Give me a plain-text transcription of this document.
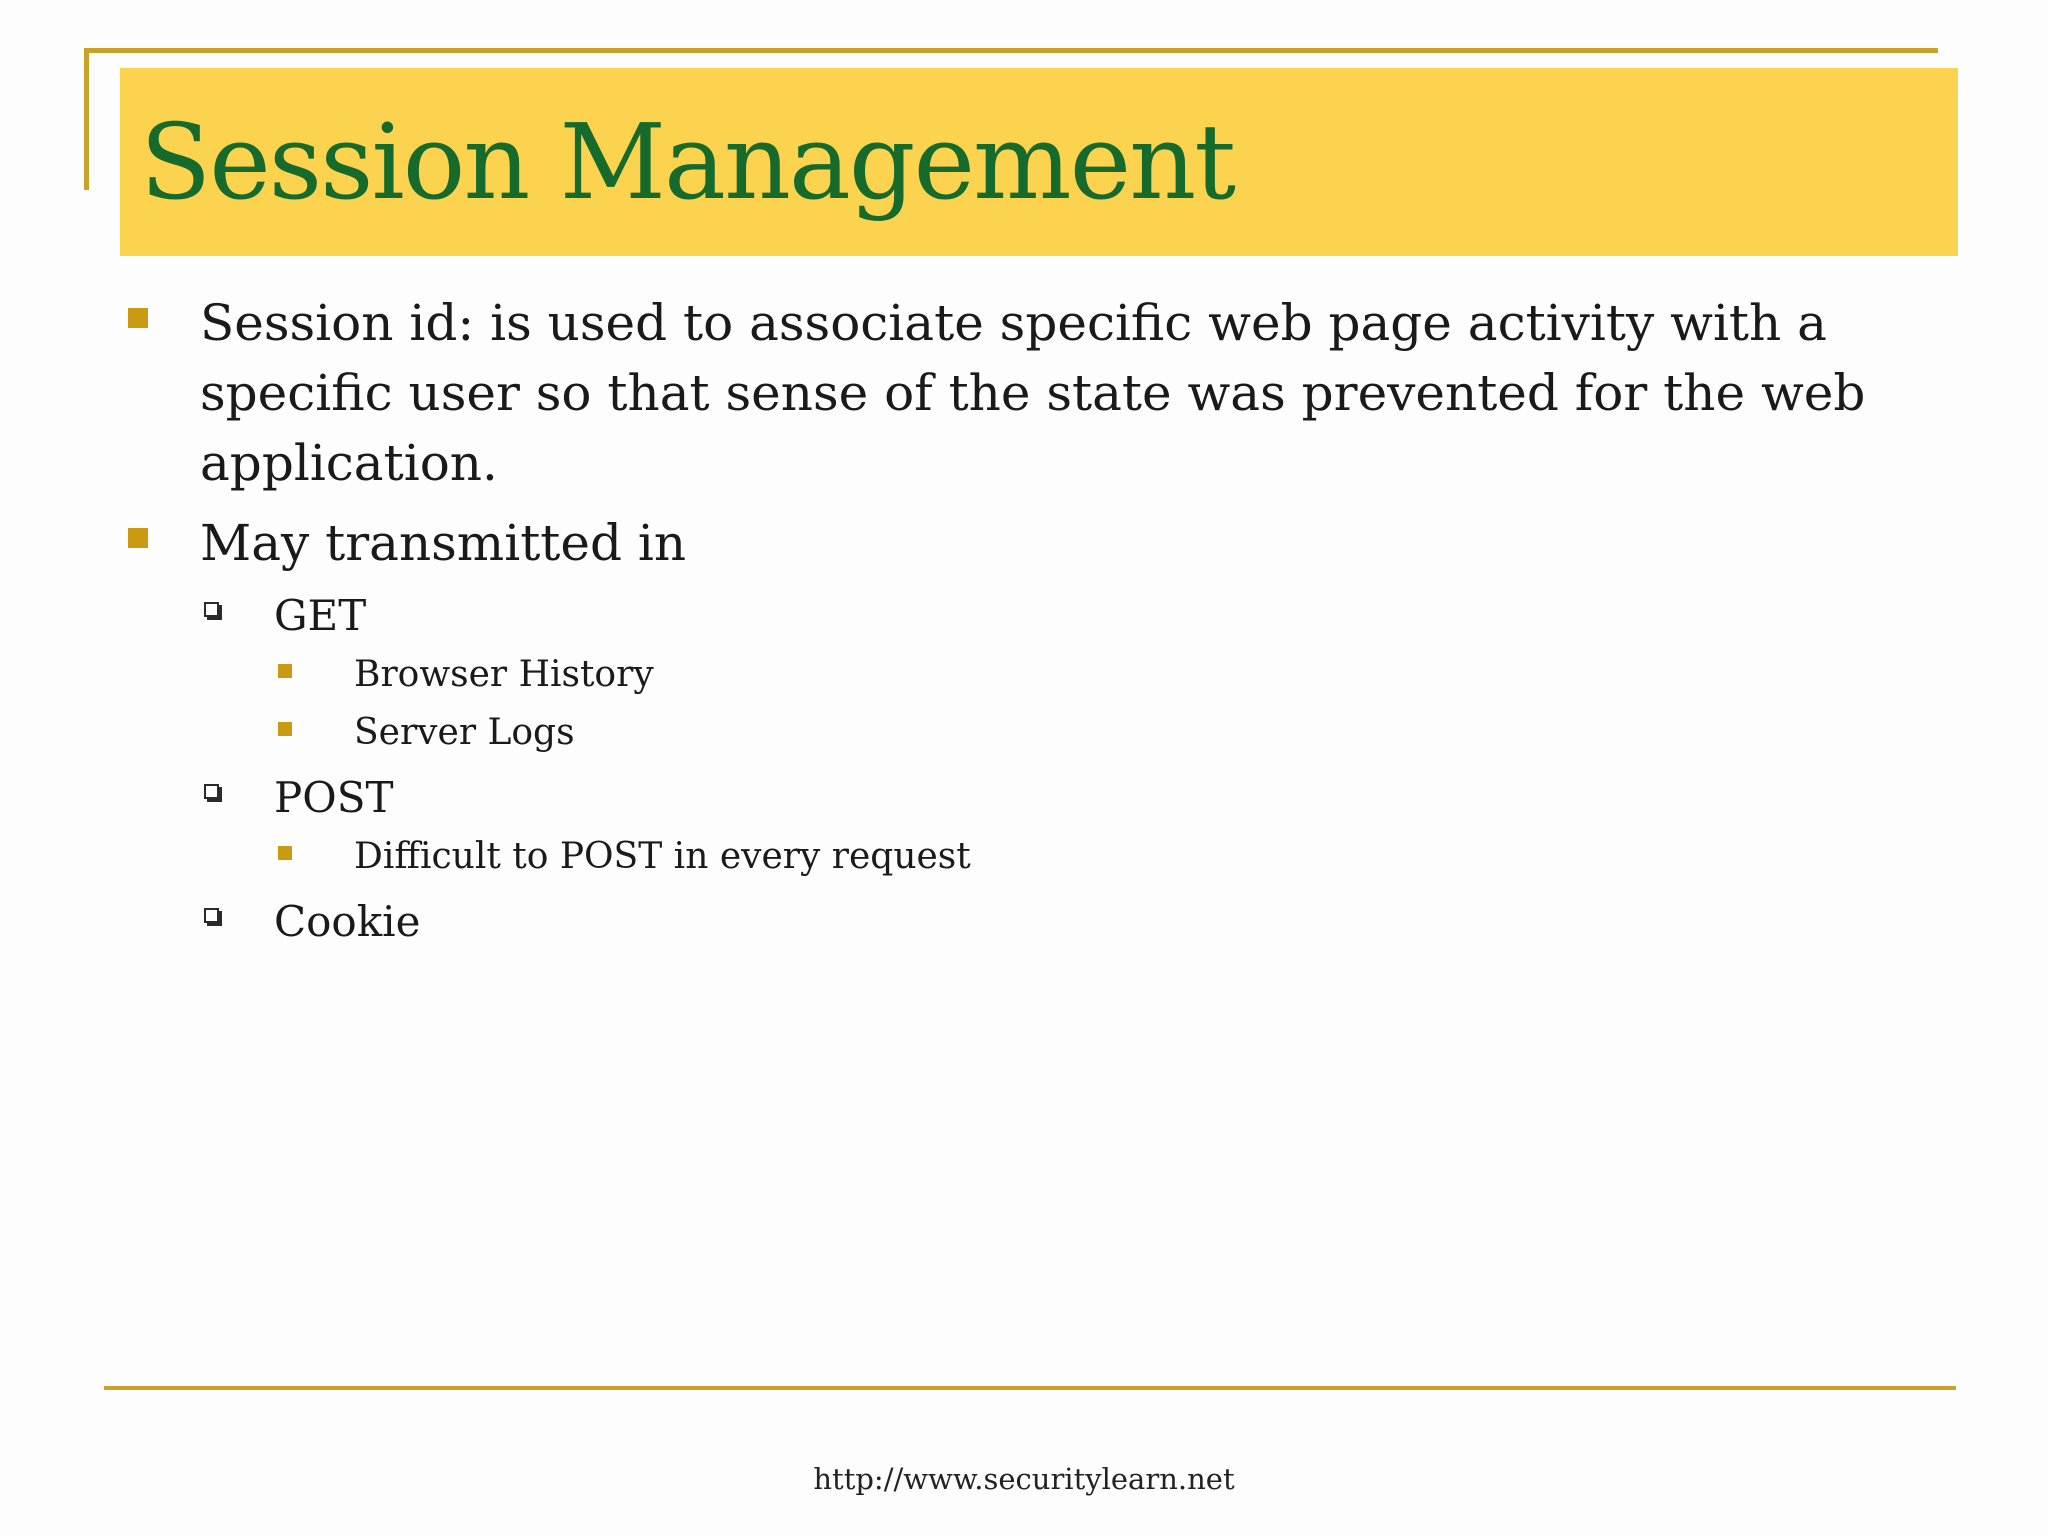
Session Management
Session id: is used to associate specific web page activity with a
specific user so that sense of the state was prevented for the web
application.
May transmitted in
GET
Browser History
Server Logs
POST
Difficult to POST in every request
Cookie
http://www.securitylearn.net
